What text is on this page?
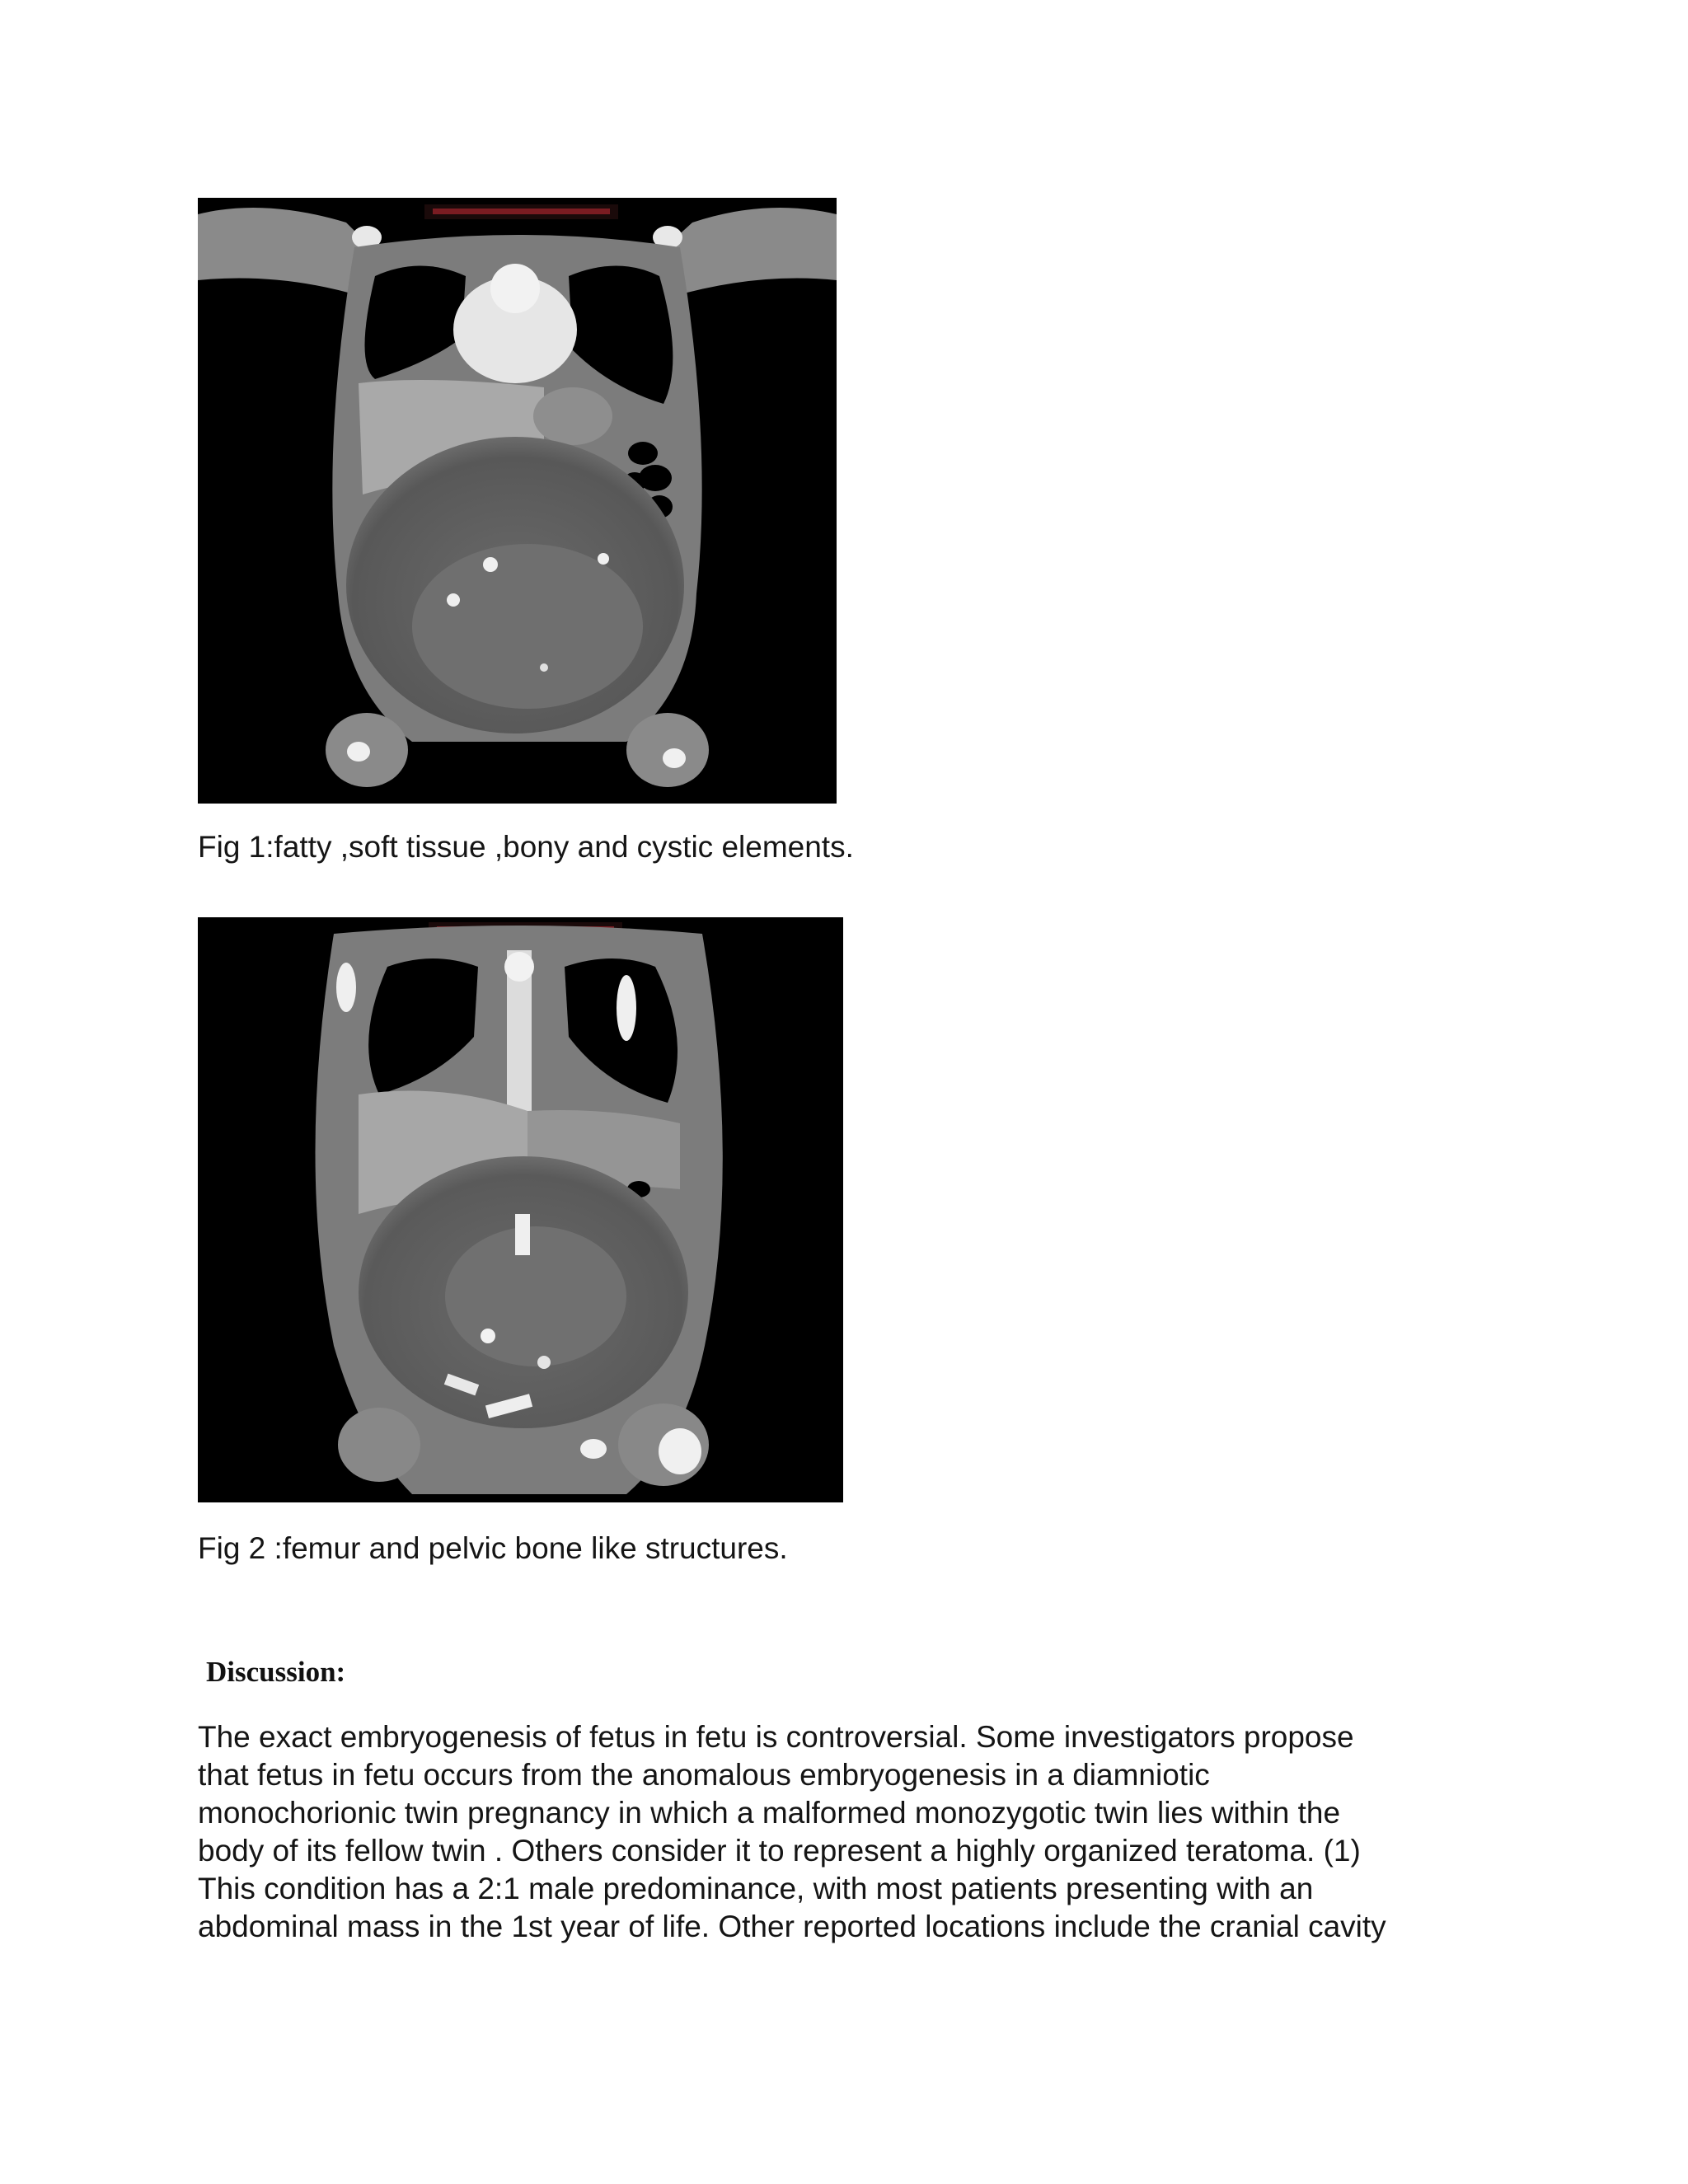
Fig 1:fatty ,soft tissue ,bony and cystic elements.
Fig 2 :femur and pelvic bone like structures.
Discussion:
The exact embryogenesis of fetus in fetu is controversial. Some investigators propose
that fetus in fetu occurs from the anomalous embryogenesis in a diamniotic
monochorionic twin pregnancy in which a malformed monozygotic twin lies within the
body of its fellow twin . Others consider it to represent a highly organized teratoma. (1)
This condition has a 2:1 male predominance, with most patients presenting with an
abdominal mass in the 1st year of life. Other reported locations include the cranial cavity
